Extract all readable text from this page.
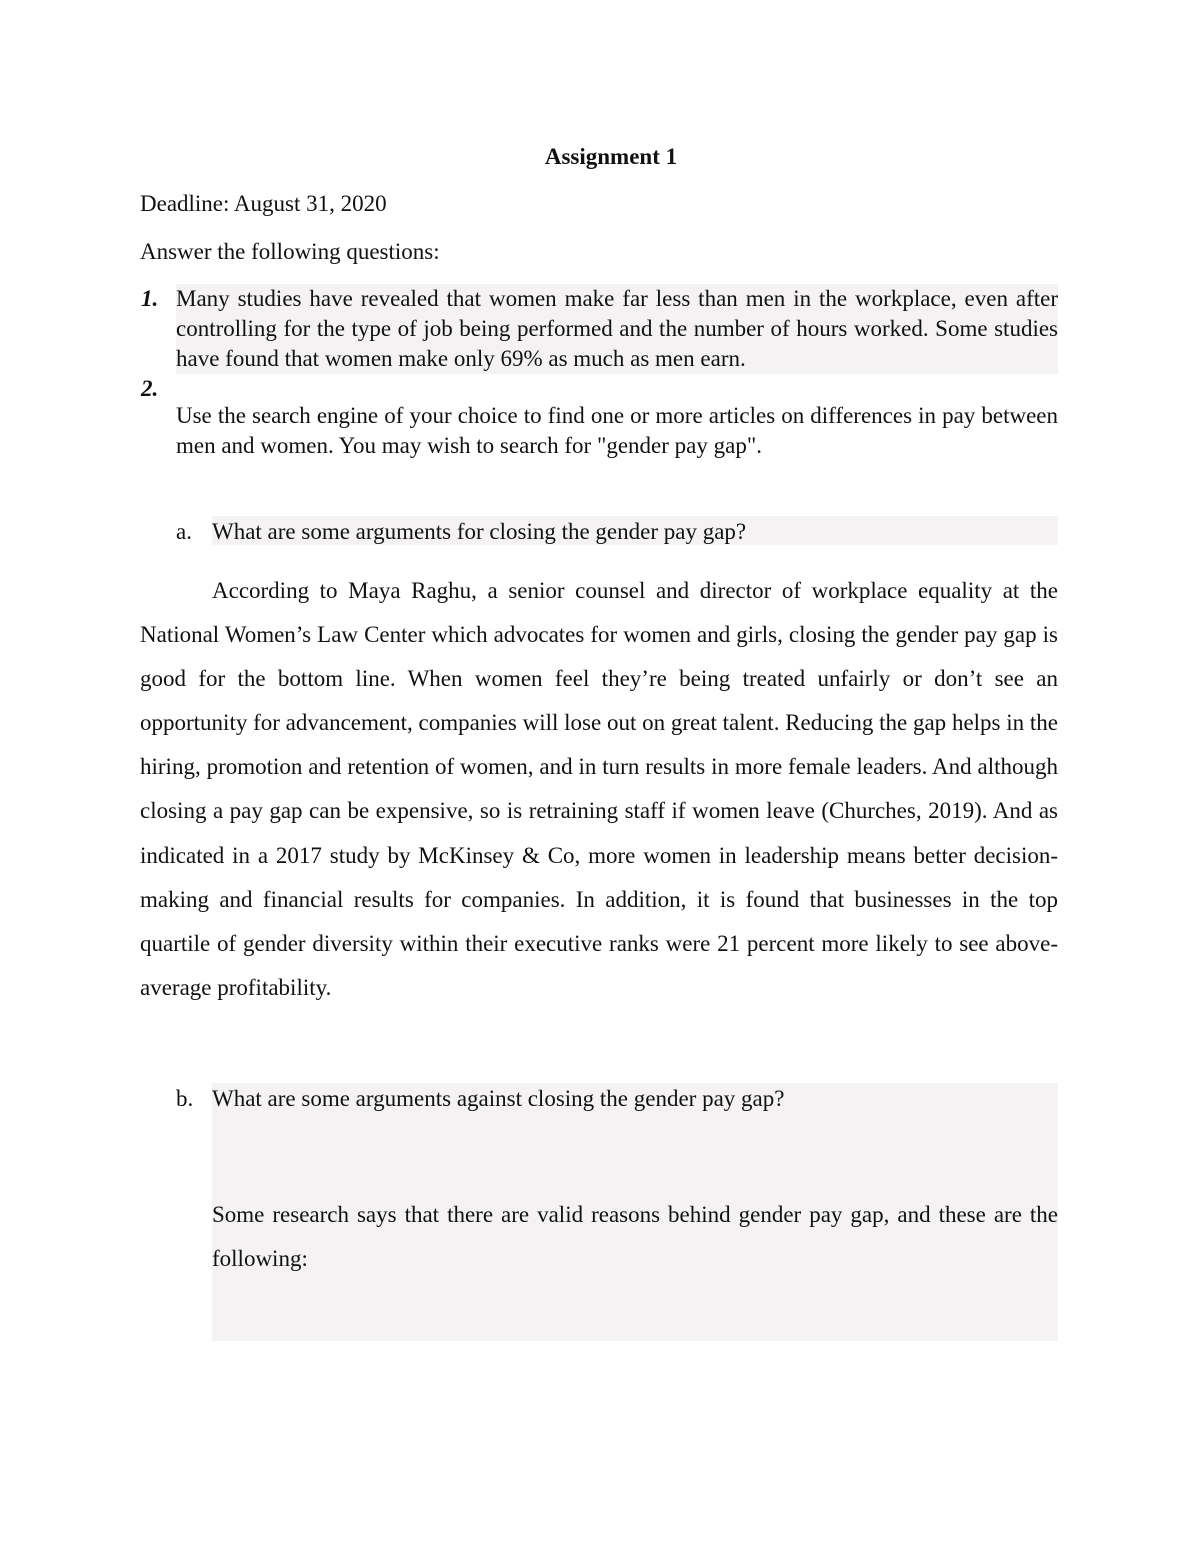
Assignment 1
Deadline: August 31, 2020
Answer the following questions:
1. Many studies have revealed that women make far less than men in the workplace, even after controlling for the type of job being performed and the number of hours worked. Some studies have found that women make only 69% as much as men earn.
2.
Use the search engine of your choice to find one or more articles on differences in pay between men and women. You may wish to search for "gender pay gap".
a. What are some arguments for closing the gender pay gap?
According to Maya Raghu, a senior counsel and director of workplace equality at the National Women’s Law Center which advocates for women and girls, closing the gender pay gap is good for the bottom line. When women feel they’re being treated unfairly or don’t see an opportunity for advancement, companies will lose out on great talent. Reducing the gap helps in the hiring, promotion and retention of women, and in turn results in more female leaders. And although closing a pay gap can be expensive, so is retraining staff if women leave (Churches, 2019). And as indicated in a 2017 study by McKinsey & Co, more women in leadership means better decision-making and financial results for companies. In addition, it is found that businesses in the top quartile of gender diversity within their executive ranks were 21 percent more likely to see above-average profitability.
b. What are some arguments against closing the gender pay gap?
Some research says that there are valid reasons behind gender pay gap, and these are the following:
